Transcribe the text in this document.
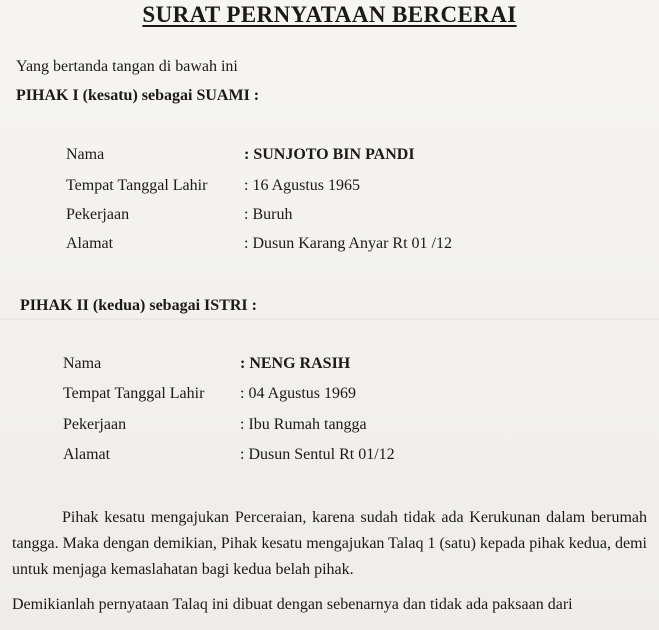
SURAT PERNYATAAN BERCERAI
Yang bertanda tangan di bawah ini
PIHAK I (kesatu) sebagai SUAMI :
Nama	: SUNJOTO BIN PANDI
Tempat Tanggal Lahir : 16 Agustus 1965
Pekerjaan	: Buruh
Alamat	: Dusun Karang Anyar Rt 01 /12
PIHAK II (kedua) sebagai ISTRI :
Nama	: NENG RASIH
Tempat Tanggal Lahir : 04 Agustus 1969
Pekerjaan	: Ibu Rumah tangga
Alamat	: Dusun Sentul Rt 01/12
Pihak kesatu mengajukan Perceraian, karena sudah tidak ada Kerukunan dalam berumah tangga. Maka dengan demikian, Pihak kesatu mengajukan Talaq 1 (satu) kepada pihak kedua, demi untuk menjaga kemaslahatan bagi kedua belah pihak.
Demikianlah pernyataan Talaq ini dibuat dengan sebenarnya dan tidak ada paksaan dari
